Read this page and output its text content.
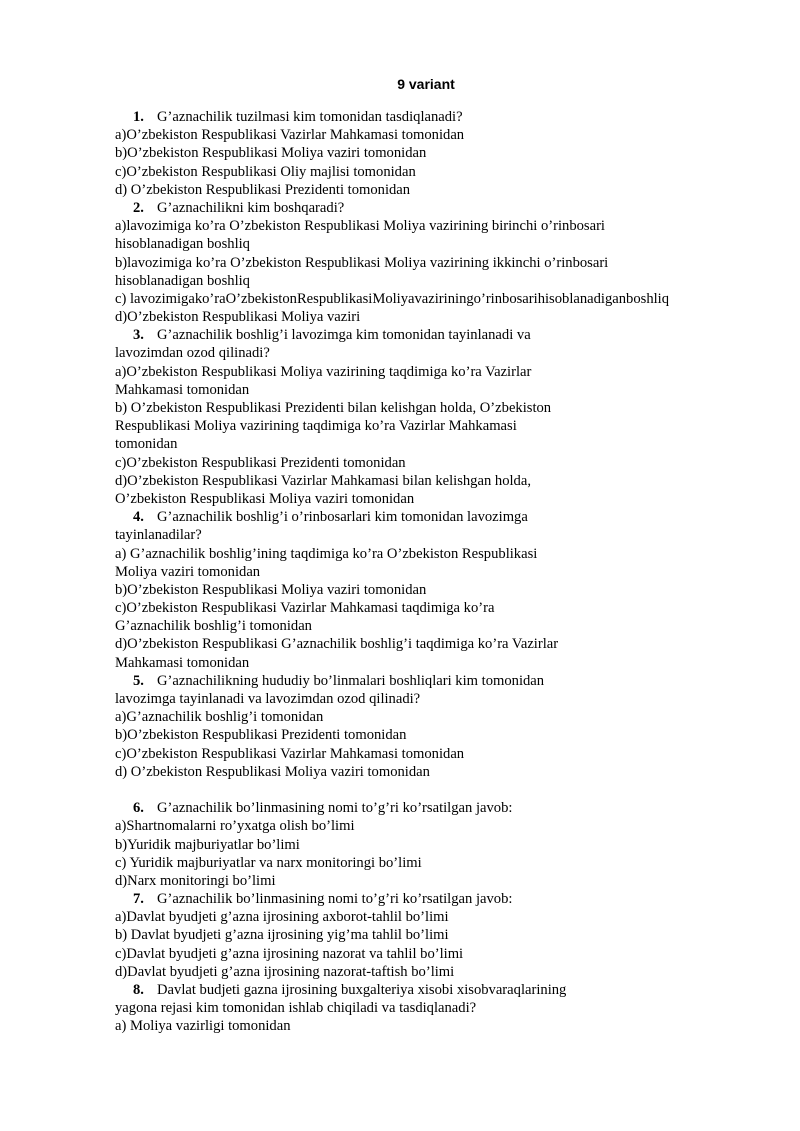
9 variant
1. G’aznachilik tuzilmasi kim tomonidan tasdiqlanadi?
a)O’zbekiston Respublikasi Vazirlar Mahkamasi tomonidan
b)O’zbekiston Respublikasi Moliya vaziri tomonidan
c)O’zbekiston Respublikasi Oliy majlisi tomonidan
d) O’zbekiston Respublikasi Prezidenti tomonidan
2. G’aznachilikni kim boshqaradi?
a)lavozimiga ko’ra O’zbekiston Respublikasi Moliya vazirining birinchi o’rinbosari
hisoblanadigan boshliq
b)lavozimiga ko’ra O’zbekiston Respublikasi Moliya vazirining ikkinchi o’rinbosari
hisoblanadigan boshliq
c) lavozimigako’raO’zbekistonRespublikasiMoliyavaziriningo’rinbosarihisoblanadiganboshliq
d)O’zbekiston Respublikasi Moliya vaziri
3. G’aznachilik boshlig’i lavozimga kim tomonidan tayinlanadi va
lavozimdan ozod qilinadi?
a)O’zbekiston Respublikasi Moliya vazirining taqdimiga ko’ra Vazirlar
Mahkamasi tomonidan
b) O’zbekiston Respublikasi Prezidenti bilan kelishgan holda, O’zbekiston
Respublikasi Moliya vazirining taqdimiga ko’ra Vazirlar Mahkamasi
tomonidan
c)O’zbekiston Respublikasi Prezidenti tomonidan
d)O’zbekiston Respublikasi Vazirlar Mahkamasi bilan kelishgan holda,
O’zbekiston Respublikasi Moliya vaziri tomonidan
4. G’aznachilik boshlig’i o’rinbosarlari kim tomonidan lavozimga
tayinlanadilar?
a) G’aznachilik boshlig’ining taqdimiga ko’ra O’zbekiston Respublikasi
Moliya vaziri tomonidan
b)O’zbekiston Respublikasi Moliya vaziri tomonidan
c)O’zbekiston Respublikasi Vazirlar Mahkamasi taqdimiga ko’ra
G’aznachilik boshlig’i tomonidan
d)O’zbekiston Respublikasi G’aznachilik boshlig’i taqdimiga ko’ra Vazirlar
Mahkamasi tomonidan
5. G’aznachilikning hududiy bo’linmalari boshliqlari kim tomonidan
lavozimga tayinlanadi va lavozimdan ozod qilinadi?
a)G’aznachilik boshlig’i tomonidan
b)O’zbekiston Respublikasi Prezidenti tomonidan
c)O’zbekiston Respublikasi Vazirlar Mahkamasi tomonidan
d) O’zbekiston Respublikasi Moliya vaziri tomonidan
6. G’aznachilik bo’linmasining nomi to’g’ri ko’rsatilgan javob:
a)Shartnomalarni ro’yxatga olish bo’limi
b)Yuridik majburiyatlar bo’limi
c) Yuridik majburiyatlar va narx monitoringi bo’limi
d)Narx monitoringi bo’limi
7. G’aznachilik bo’linmasining nomi to’g’ri ko’rsatilgan javob:
a)Davlat byudjeti g’azna ijrosining axborot-tahlil bo’limi
b) Davlat byudjeti g’azna ijrosining yig’ma tahlil bo’limi
c)Davlat byudjeti g’azna ijrosining nazorat va tahlil bo’limi
d)Davlat byudjeti g’azna ijrosining nazorat-taftish bo’limi
8. Davlat budjeti gazna ijrosining buxgalteriya xisobi xisobvaraqlarining
yagona rejasi kim tomonidan ishlab chiqiladi va tasdiqlanadi?
a) Moliya vazirligi tomonidan
